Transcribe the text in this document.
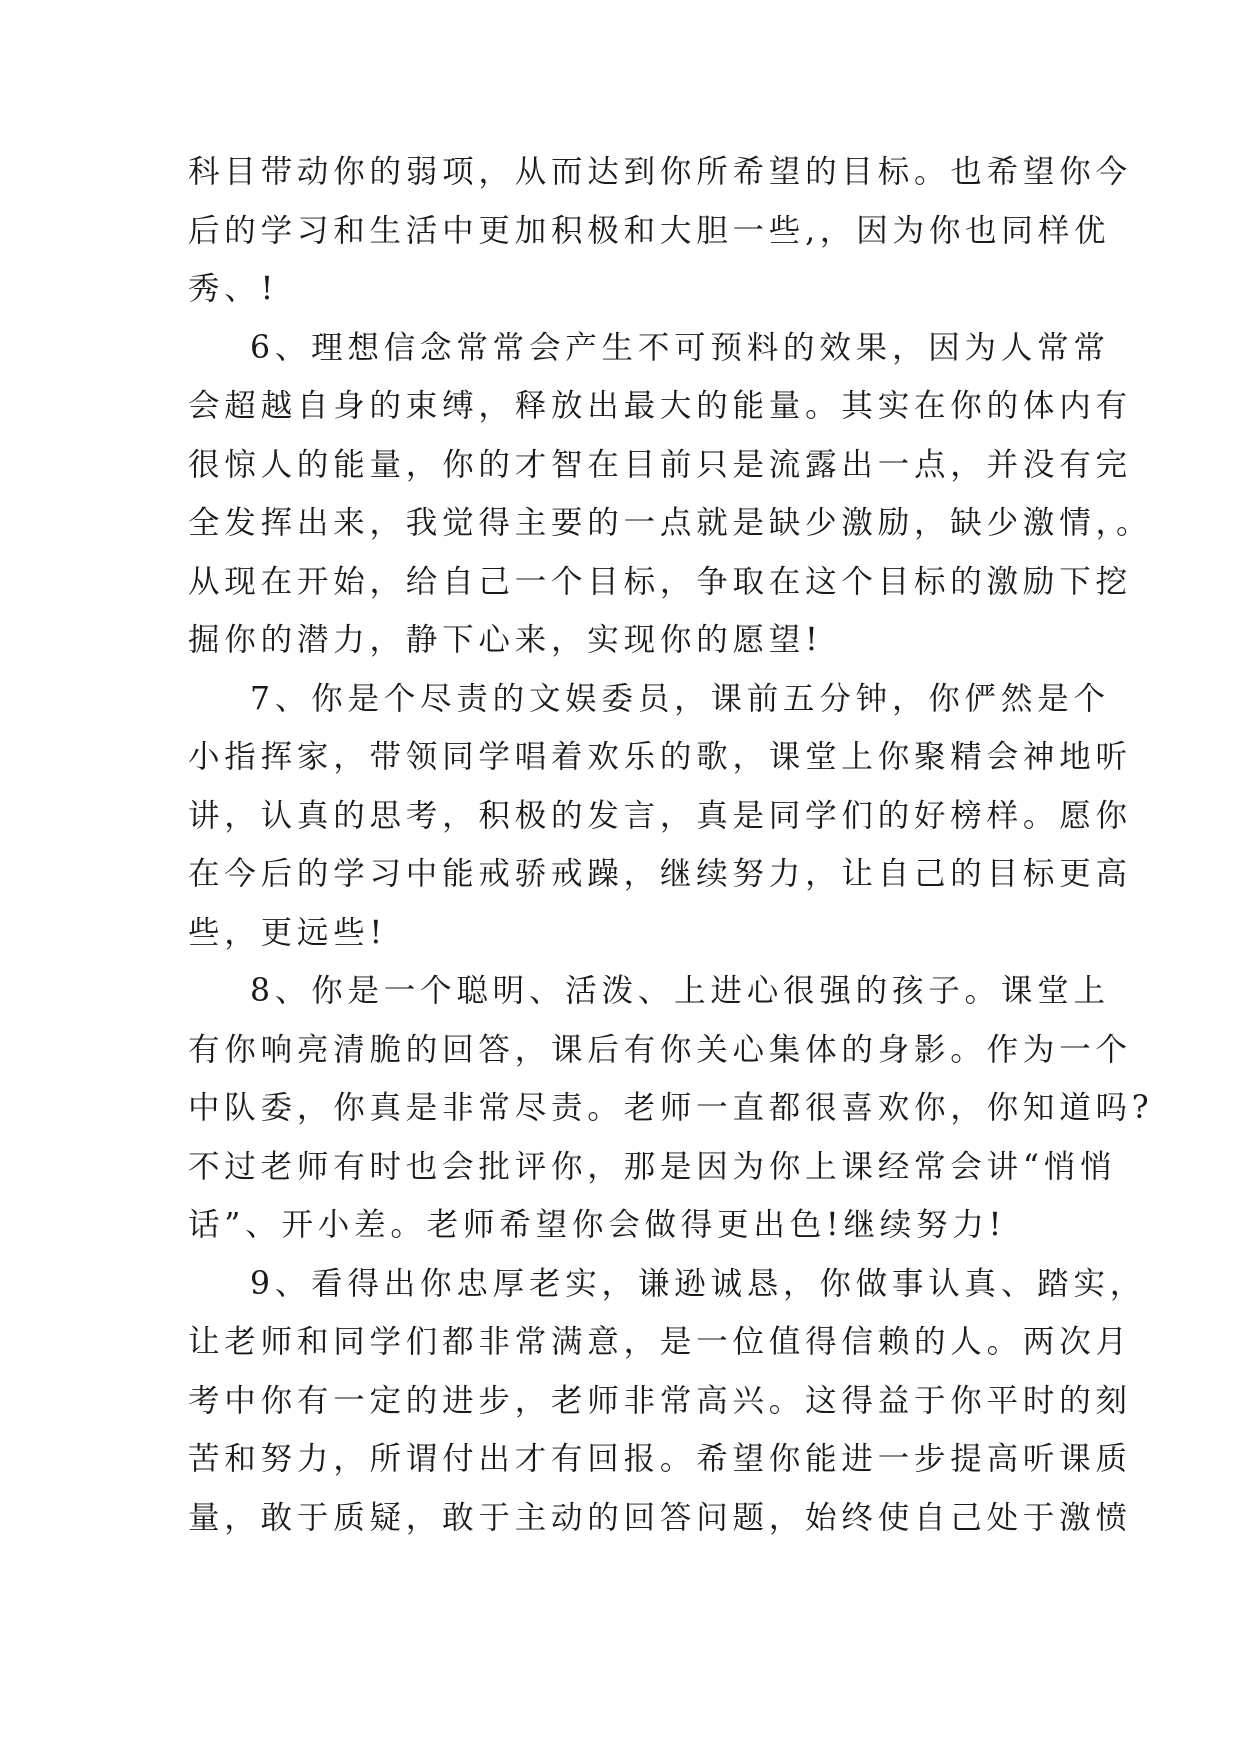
科目带动你的弱项，从而达到你所希望的目标。也希望你今
后的学习和生活中更加积极和大胆一些,，因为你也同样优
秀、!
6、理想信念常常会产生不可预料的效果，因为人常常
会超越自身的束缚，释放出最大的能量。其实在你的体内有
很惊人的能量，你的才智在目前只是流露出一点，并没有完
全发挥出来，我觉得主要的一点就是缺少激励，缺少激情，。
从现在开始，给自己一个目标，争取在这个目标的激励下挖
掘你的潜力，静下心来，实现你的愿望!
7、你是个尽责的文娱委员，课前五分钟，你俨然是个
小指挥家，带领同学唱着欢乐的歌，课堂上你聚精会神地听
讲，认真的思考，积极的发言，真是同学们的好榜样。愿你
在今后的学习中能戒骄戒躁，继续努力，让自己的目标更高
些，更远些!
8、你是一个聪明、活泼、上进心很强的孩子。课堂上
有你响亮清脆的回答，课后有你关心集体的身影。作为一个
中队委，你真是非常尽责。老师一直都很喜欢你，你知道吗?
不过老师有时也会批评你，那是因为你上课经常会讲“悄悄
话”、开小差。老师希望你会做得更出色!继续努力!
9、看得出你忠厚老实，谦逊诚恳，你做事认真、踏实，
让老师和同学们都非常满意，是一位值得信赖的人。两次月
考中你有一定的进步，老师非常高兴。这得益于你平时的刻
苦和努力，所谓付出才有回报。希望你能进一步提高听课质
量，敢于质疑，敢于主动的回答问题，始终使自己处于激愤
